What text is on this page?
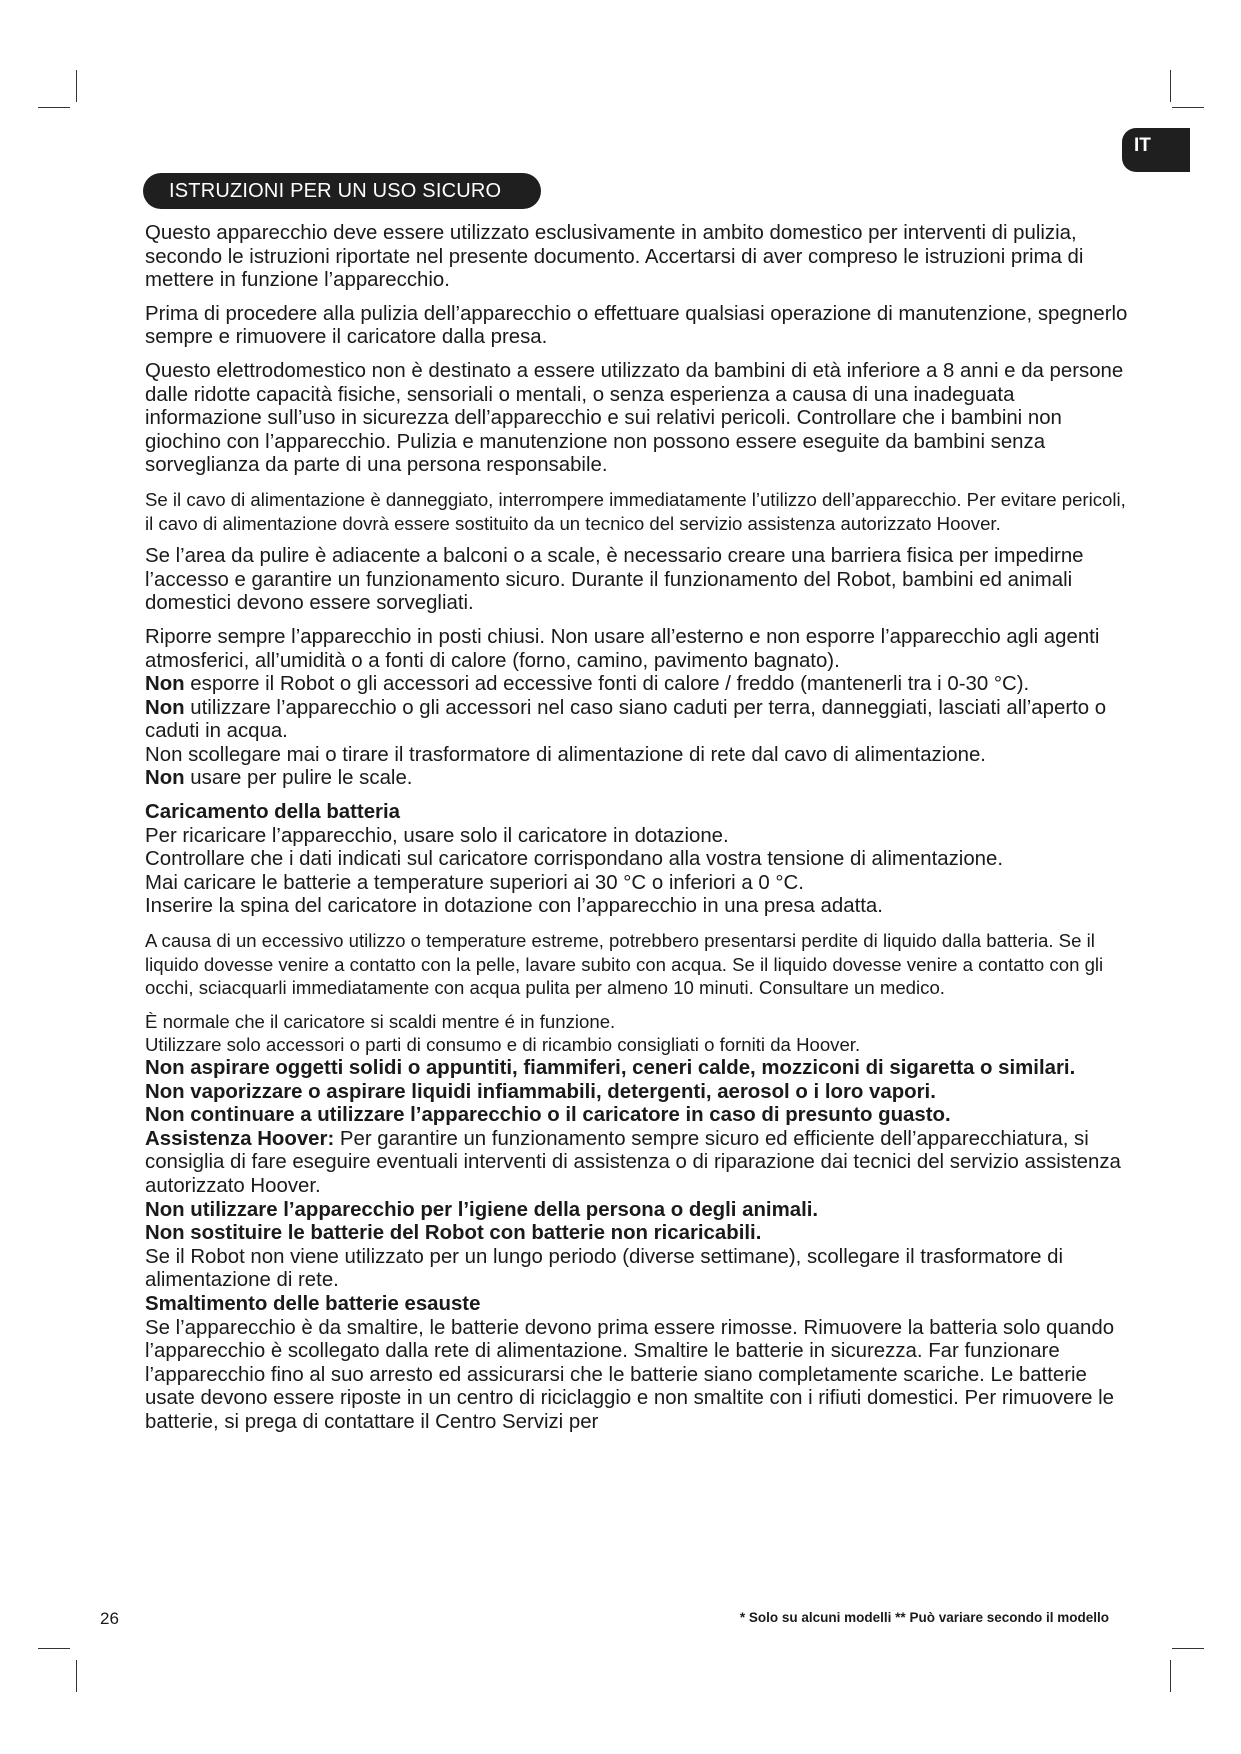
IT
ISTRUZIONI PER UN USO SICURO

Questo apparecchio deve essere utilizzato esclusivamente in ambito domestico per interventi di pulizia, secondo le istruzioni riportate nel presente documento. Accertarsi di aver compreso le istruzioni prima di mettere in funzione l’apparecchio.

Prima di procedere alla pulizia dell’apparecchio o effettuare qualsiasi operazione di manutenzione, spegnerlo sempre e rimuovere il caricatore dalla presa.

Questo elettrodomestico non è destinato a essere utilizzato da bambini di età inferiore a 8 anni e da persone dalle ridotte capacità fisiche, sensoriali o mentali, o senza esperienza a causa di una inadeguata informazione sull’uso in sicurezza dell’apparecchio e sui relativi pericoli. Controllare che i bambini non giochino con l’apparecchio. Pulizia e manutenzione non possono essere eseguite da bambini senza sorveglianza da parte di una persona responsabile.

Se il cavo di alimentazione è danneggiato, interrompere immediatamente l’utilizzo dell’apparecchio. Per evitare pericoli, il cavo di alimentazione dovrà essere sostituito da un tecnico del servizio assistenza autorizzato Hoover.

Se l’area da pulire è adiacente a balconi o a scale, è necessario creare una barriera fisica per impedirne l’accesso e garantire un funzionamento sicuro. Durante il funzionamento del Robot, bambini ed animali domestici devono essere sorvegliati.

Riporre sempre l’apparecchio in posti chiusi. Non usare all’esterno e non esporre l’apparecchio agli agenti atmosferici, all’umidità o a fonti di calore (forno, camino, pavimento bagnato).
Non esporre il Robot o gli accessori ad eccessive fonti di calore / freddo (mantenerli tra i 0-30 °C).
Non utilizzare l’apparecchio o gli accessori nel caso siano caduti per terra, danneggiati, lasciati all’aperto o caduti in acqua.
Non scollegare mai o tirare il trasformatore di alimentazione di rete dal cavo di alimentazione.
Non usare per pulire le scale.

Caricamento della batteria
Per ricaricare l’apparecchio, usare solo il caricatore in dotazione.
Controllare che i dati indicati sul caricatore corrispondano alla vostra tensione di alimentazione.
Mai caricare le batterie a temperature superiori ai 30 °C o inferiori a 0 °C.
Inserire la spina del caricatore in dotazione con l’apparecchio in una presa adatta.

A causa di un eccessivo utilizzo o temperature estreme, potrebbero presentarsi perdite di liquido dalla batteria. Se il liquido dovesse venire a contatto con la pelle, lavare subito con acqua. Se il liquido dovesse venire a contatto con gli occhi, sciacquarli immediatamente con acqua pulita per almeno 10 minuti. Consultare un medico.

È normale che il caricatore si scaldi mentre é in funzione.
Utilizzare solo accessori o parti di consumo e di ricambio consigliati o forniti da Hoover.
Non aspirare oggetti solidi o appuntiti, fiammiferi, ceneri calde, mozziconi di sigaretta o similari.
Non vaporizzare o aspirare liquidi infiammabili, detergenti, aerosol o i loro vapori.
Non continuare a utilizzare l’apparecchio o il caricatore in caso di presunto guasto.
Assistenza Hoover: Per garantire un funzionamento sempre sicuro ed efficiente dell’apparecchiatura, si consiglia di fare eseguire eventuali interventi di assistenza o di riparazione dai tecnici del servizio assistenza autorizzato Hoover.
Non utilizzare l’apparecchio per l’igiene della persona o degli animali.
Non sostituire le batterie del Robot con batterie non ricaricabili.
Se il Robot non viene utilizzato per un lungo periodo (diverse settimane), scollegare il trasformatore di alimentazione di rete.
Smaltimento delle batterie esauste
Se l’apparecchio è da smaltire, le batterie devono prima essere rimosse. Rimuovere la batteria solo quando l’apparecchio è scollegato dalla rete di alimentazione. Smaltire le batterie in sicurezza. Far funzionare l’apparecchio fino al suo arresto ed assicurarsi che le batterie siano completamente scariche. Le batterie usate devono essere riposte in un centro di riciclaggio e non smaltite con i rifiuti domestici. Per rimuovere le batterie, si prega di contattare il Centro Servizi per

26	* Solo su alcuni modelli ** Può variare secondo il modello
